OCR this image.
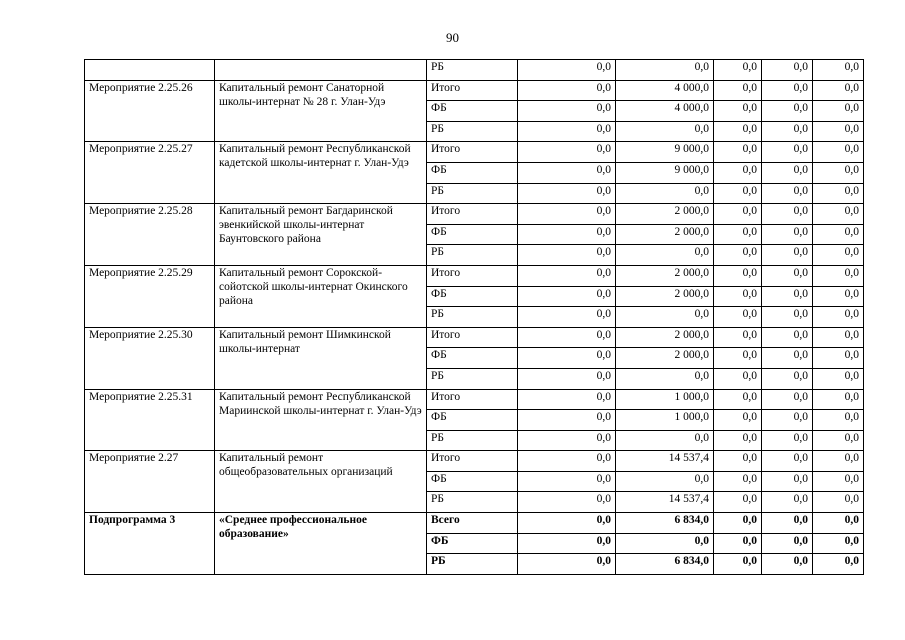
90
		РБ	0,0	0,0	0,0	0,0	0,0
Мероприятие 2.25.26	Капитальный ремонт Санаторной школы-интернат № 28 г. Улан-Удэ	Итого	0,0	4 000,0	0,0	0,0	0,0
		ФБ	0,0	4 000,0	0,0	0,0	0,0
		РБ	0,0	0,0	0,0	0,0	0,0
Мероприятие 2.25.27	Капитальный ремонт Республиканской кадетской школы-интернат г. Улан-Удэ	Итого	0,0	9 000,0	0,0	0,0	0,0
		ФБ	0,0	9 000,0	0,0	0,0	0,0
		РБ	0,0	0,0	0,0	0,0	0,0
Мероприятие 2.25.28	Капитальный ремонт Багдаринской эвенкийской школы-интернат Баунтовского района	Итого	0,0	2 000,0	0,0	0,0	0,0
		ФБ	0,0	2 000,0	0,0	0,0	0,0
		РБ	0,0	0,0	0,0	0,0	0,0
Мероприятие 2.25.29	Капитальный ремонт Сорокской-сойотской школы-интернат Окинского района	Итого	0,0	2 000,0	0,0	0,0	0,0
		ФБ	0,0	2 000,0	0,0	0,0	0,0
		РБ	0,0	0,0	0,0	0,0	0,0
Мероприятие 2.25.30	Капитальный ремонт Шимкинской школы-интернат	Итого	0,0	2 000,0	0,0	0,0	0,0
		ФБ	0,0	2 000,0	0,0	0,0	0,0
		РБ	0,0	0,0	0,0	0,0	0,0
Мероприятие 2.25.31	Капитальный ремонт Республиканской Мариинской школы-интернат г. Улан-Удэ	Итого	0,0	1 000,0	0,0	0,0	0,0
		ФБ	0,0	1 000,0	0,0	0,0	0,0
		РБ	0,0	0,0	0,0	0,0	0,0
Мероприятие 2.27	Капитальный ремонт общеобразовательных организаций	Итого	0,0	14 537,4	0,0	0,0	0,0
		ФБ	0,0	0,0	0,0	0,0	0,0
		РБ	0,0	14 537,4	0,0	0,0	0,0
Подпрограмма 3	«Среднее профессиональное образование»	Всего	0,0	6 834,0	0,0	0,0	0,0
		ФБ	0,0	0,0	0,0	0,0	0,0
		РБ	0,0	6 834,0	0,0	0,0	0,0
